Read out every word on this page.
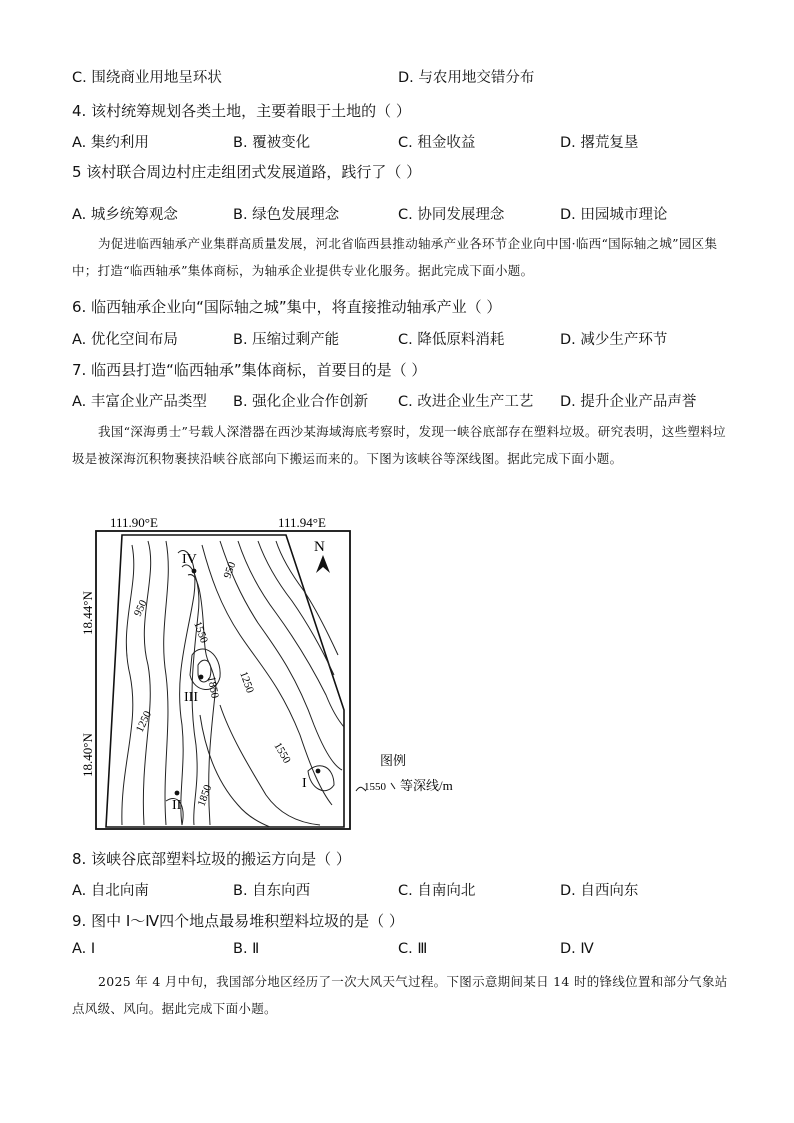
C. 围绕商业用地呈环状	D. 与农用地交错分布
4. 该村统筹规划各类土地，主要着眼于土地的（ ）
A. 集约利用	B. 覆被变化	C. 租金收益	D. 撂荒复垦
5 该村联合周边村庄走组团式发展道路，践行了（ ）
A. 城乡统筹观念	B. 绿色发展理念	C. 协同发展理念	D. 田园城市理论
为促进临西轴承产业集群高质量发展，河北省临西县推动轴承产业各环节企业向中国·临西“国际轴之城”园区集中；打造“临西轴承”集体商标，为轴承企业提供专业化服务。据此完成下面小题。
6. 临西轴承企业向“国际轴之城”集中，将直接推动轴承产业（ ）
A. 优化空间布局	B. 压缩过剩产能	C. 降低原料消耗	D. 减少生产环节
7. 临西县打造“临西轴承”集体商标，首要目的是（ ）
A. 丰富企业产品类型 B. 强化企业合作创新 C. 改进企业生产工艺 D. 提升企业产品声誉
我国“深海勇士”号载人深潜器在西沙某海域海底考察时，发现一峡谷底部存在塑料垃圾。研究表明，这些塑料垃圾是被深海沉积物裹挟沿峡谷底部向下搬运而来的。下图为该峡谷等深线图。据此完成下面小题。
111.90°E	111.94°E
18.44°N
18.40°N
950
950
1250
1550
1850 1250
1550
1850
IV
III
II
I
N
图例
1550 等深线/m
8. 该峡谷底部塑料垃圾的搬运方向是（ ）
A. 自北向南	B. 自东向西	C. 自南向北	D. 自西向东
9. 图中 Ⅰ～Ⅳ四个地点最易堆积塑料垃圾的是（ ）
A. Ⅰ	B. Ⅱ	C. Ⅲ	D. Ⅳ
2025 年 4 月中旬，我国部分地区经历了一次大风天气过程。下图示意期间某日 14 时的锋线位置和部分气象站点风级、风向。据此完成下面小题。
